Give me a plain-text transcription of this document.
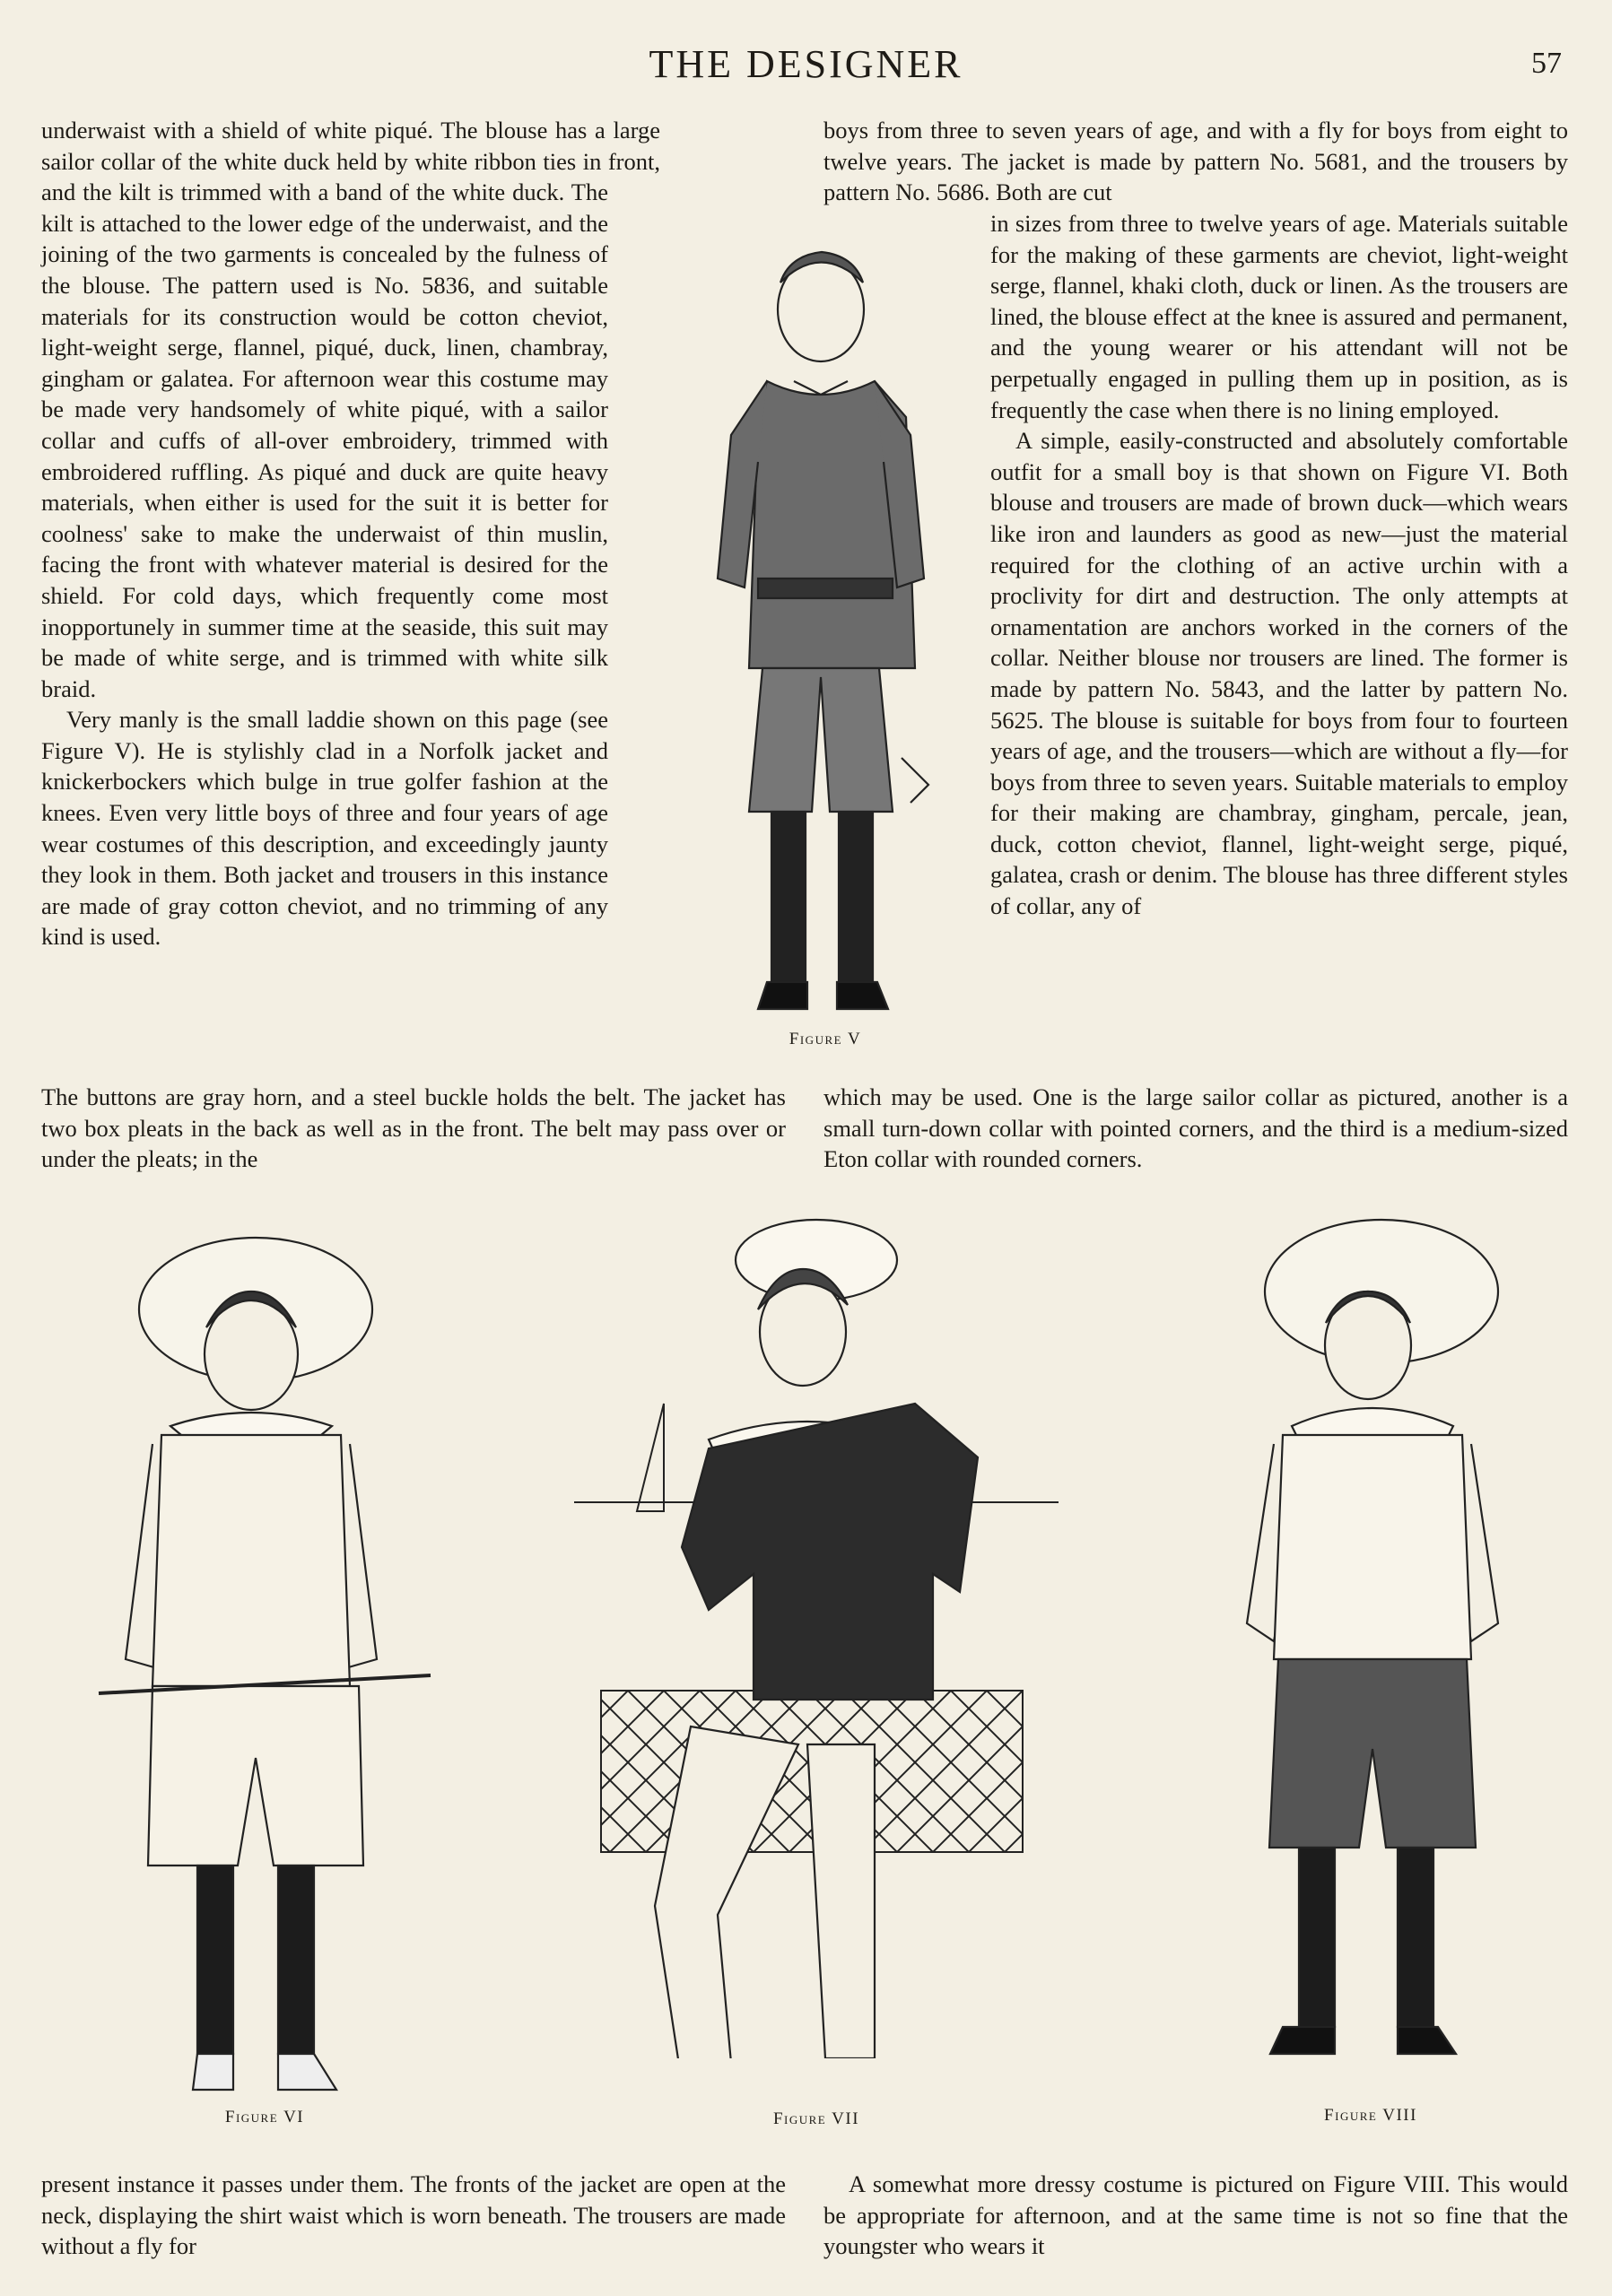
THE DESIGNER	57

underwaist with a shield of white piqué. The blouse has a large sailor collar of the white duck held by white ribbon ties in front, and the kilt is trimmed with a band of the white duck. The kilt is attached to the lower edge of the underwaist, and the joining of the two garments is concealed by the fulness of the blouse. The pattern used is No. 5836, and suitable materials for its construction would be cotton cheviot, light-weight serge, flannel, piqué, duck, linen, chambray, gingham or galatea. For afternoon wear this costume may be made very handsomely of white piqué, with a sailor collar and cuffs of all-over embroidery, trimmed with embroidered ruffling. As piqué and duck are quite heavy materials, when either is used for the suit it is better for coolness' sake to make the underwaist of thin muslin, facing the front with whatever material is desired for the shield. For cold days, which frequently come most inopportunely in summer time at the seaside, this suit may be made of white serge, and is trimmed with white silk braid.

Very manly is the small laddie shown on this page (see Figure V). He is stylishly clad in a Norfolk jacket and knickerbockers which bulge in true golfer fashion at the knees. Even very little boys of three and four years of age wear costumes of this description, and exceedingly jaunty they look in them. Both jacket and trousers in this instance are made of gray cotton cheviot, and no trimming of any kind is used.

The buttons are gray horn, and a steel buckle holds the belt. The jacket has two box pleats in the back as well as in the front. The belt may pass over or under the pleats; in the
boys from three to seven years of age, and with a fly for boys from eight to twelve years. The jacket is made by pattern No. 5681, and the trousers by pattern No. 5686. Both are cut

in sizes from three to twelve years of age. Materials suitable for the making of these garments are cheviot, light-weight serge, flannel, khaki cloth, duck or linen. As the trousers are lined, the blouse effect at the knee is assured and permanent, and the young wearer or his attendant will not be perpetually engaged in pulling them up in position, as is frequently the case when there is no lining employed.

A simple, easily-constructed and absolutely comfortable outfit for a small boy is that shown on Figure VI. Both blouse and trousers are made of brown duck—which wears like iron and launders as good as new—just the material required for the clothing of an active urchin with a proclivity for dirt and destruction. The only attempts at ornamentation are anchors worked in the corners of the collar. Neither blouse nor trousers are lined. The former is made by pattern No. 5843, and the latter by pattern No. 5625. The blouse is suitable for boys from four to fourteen years of age, and the trousers—which are without a fly—for boys from three to seven years. Suitable materials to employ for their making are chambray, gingham, percale, jean, duck, cotton cheviot, flannel, light-weight serge, piqué, galatea, crash or denim. The blouse has three different styles of collar, any of

which may be used. One is the large sailor collar as pictured, another is a small turn-down collar with pointed corners, and the third is a medium-sized Eton collar with rounded corners.
Figure V
Figure VI	Figure VII	Figure VIII
present instance it passes under them. The fronts of the jacket are open at the neck, displaying the shirt waist which is worn beneath. The trousers are made without a fly for
A somewhat more dressy costume is pictured on Figure VIII. This would be appropriate for afternoon, and at the same time is not so fine that the youngster who wears it
